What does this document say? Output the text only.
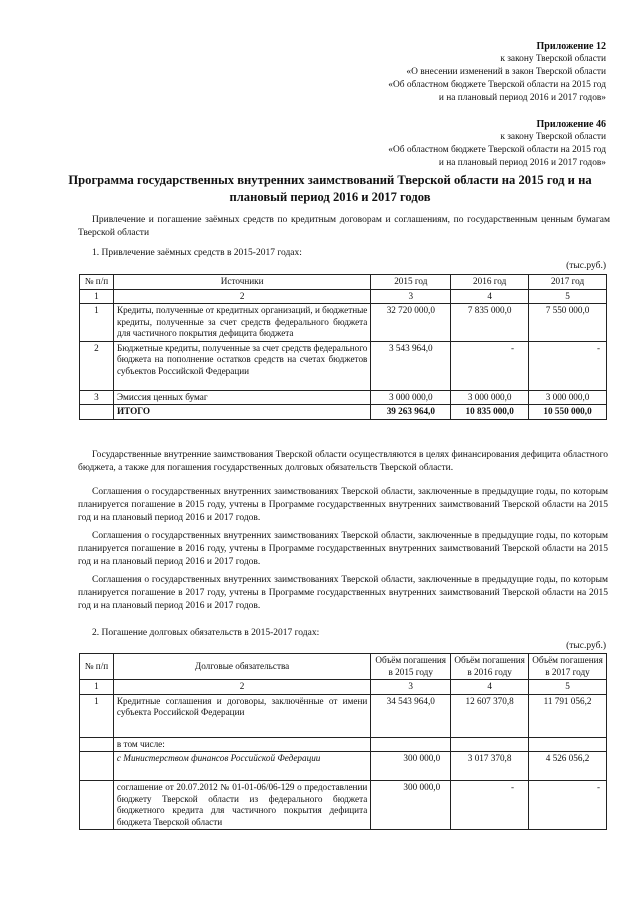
Приложение 12
к закону Тверской области
«О внесении изменений в закон Тверской области
«Об областном бюджете Тверской области на 2015 год
и на плановый период 2016 и 2017 годов»
Приложение 46
к закону Тверской области
«Об областном бюджете Тверской области на 2015 год
и на плановый период 2016 и 2017 годов»
Программа государственных внутренних заимствований Тверской области на 2015 год и на плановый период 2016 и 2017 годов
Привлечение и погашение заёмных средств по кредитным договорам и соглашениям, по государственным ценным бумагам Тверской области
1. Привлечение заёмных средств в 2015-2017 годах:
(тыс.руб.)
№ п/п	Источники	2015 год	2016 год	2017 год
1	2	3	4	5
1	Кредиты, полученные от кредитных организаций, и бюджетные кредиты, полученные за счет средств федерального бюджета для частичного покрытия дефицита бюджета	32 720 000,0	7 835 000,0	7 550 000,0
2	Бюджетные кредиты, полученные за счет средств федерального бюджета на пополнение остатков средств на счетах бюджетов субъектов Российской Федерации	3 543 964,0	-	-
3	Эмиссия ценных бумаг	3 000 000,0	3 000 000,0	3 000 000,0
	ИТОГО	39 263 964,0	10 835 000,0	10 550 000,0
Государственные внутренние заимствования Тверской области осуществляются в целях финансирования дефицита областного бюджета, а также для погашения государственных долговых обязательств Тверской области.
Соглашения о государственных внутренних заимствованиях Тверской области, заключенные в предыдущие годы, по которым планируется погашение в 2015 году, учтены в Программе государственных внутренних заимствований Тверской области на 2015 год и на плановый период 2016 и 2017 годов.
Соглашения о государственных внутренних заимствованиях Тверской области, заключенные в предыдущие годы, по которым планируется погашение в 2016 году, учтены в Программе государственных внутренних заимствований Тверской области на 2015 год и на плановый период 2016 и 2017 годов.
Соглашения о государственных внутренних заимствованиях Тверской области, заключенные в предыдущие годы, по которым планируется погашение в 2017 году, учтены в Программе государственных внутренних заимствований Тверской области на 2015 год и на плановый период 2016 и 2017 годов.
2. Погашение долговых обязательств в 2015-2017 годах:
(тыс.руб.)
№ п/п	Долговые обязательства	Объём погашения в 2015 году	Объём погашения в 2016 году	Объём погашения в 2017 году
1	2	3	4	5
1	Кредитные соглашения и договоры, заключённые от имени субъекта Российской Федерации	34 543 964,0	12 607 370,8	11 791 056,2
	в том числе:			
	с Министерством финансов Российской Федерации	300 000,0	3 017 370,8	4 526 056,2
	соглашение от 20.07.2012 № 01-01-06/06-129 о предоставлении бюджету Тверской области из федерального бюджета бюджетного кредита для частичного покрытия дефицита бюджета Тверской области	300 000,0	-	-
